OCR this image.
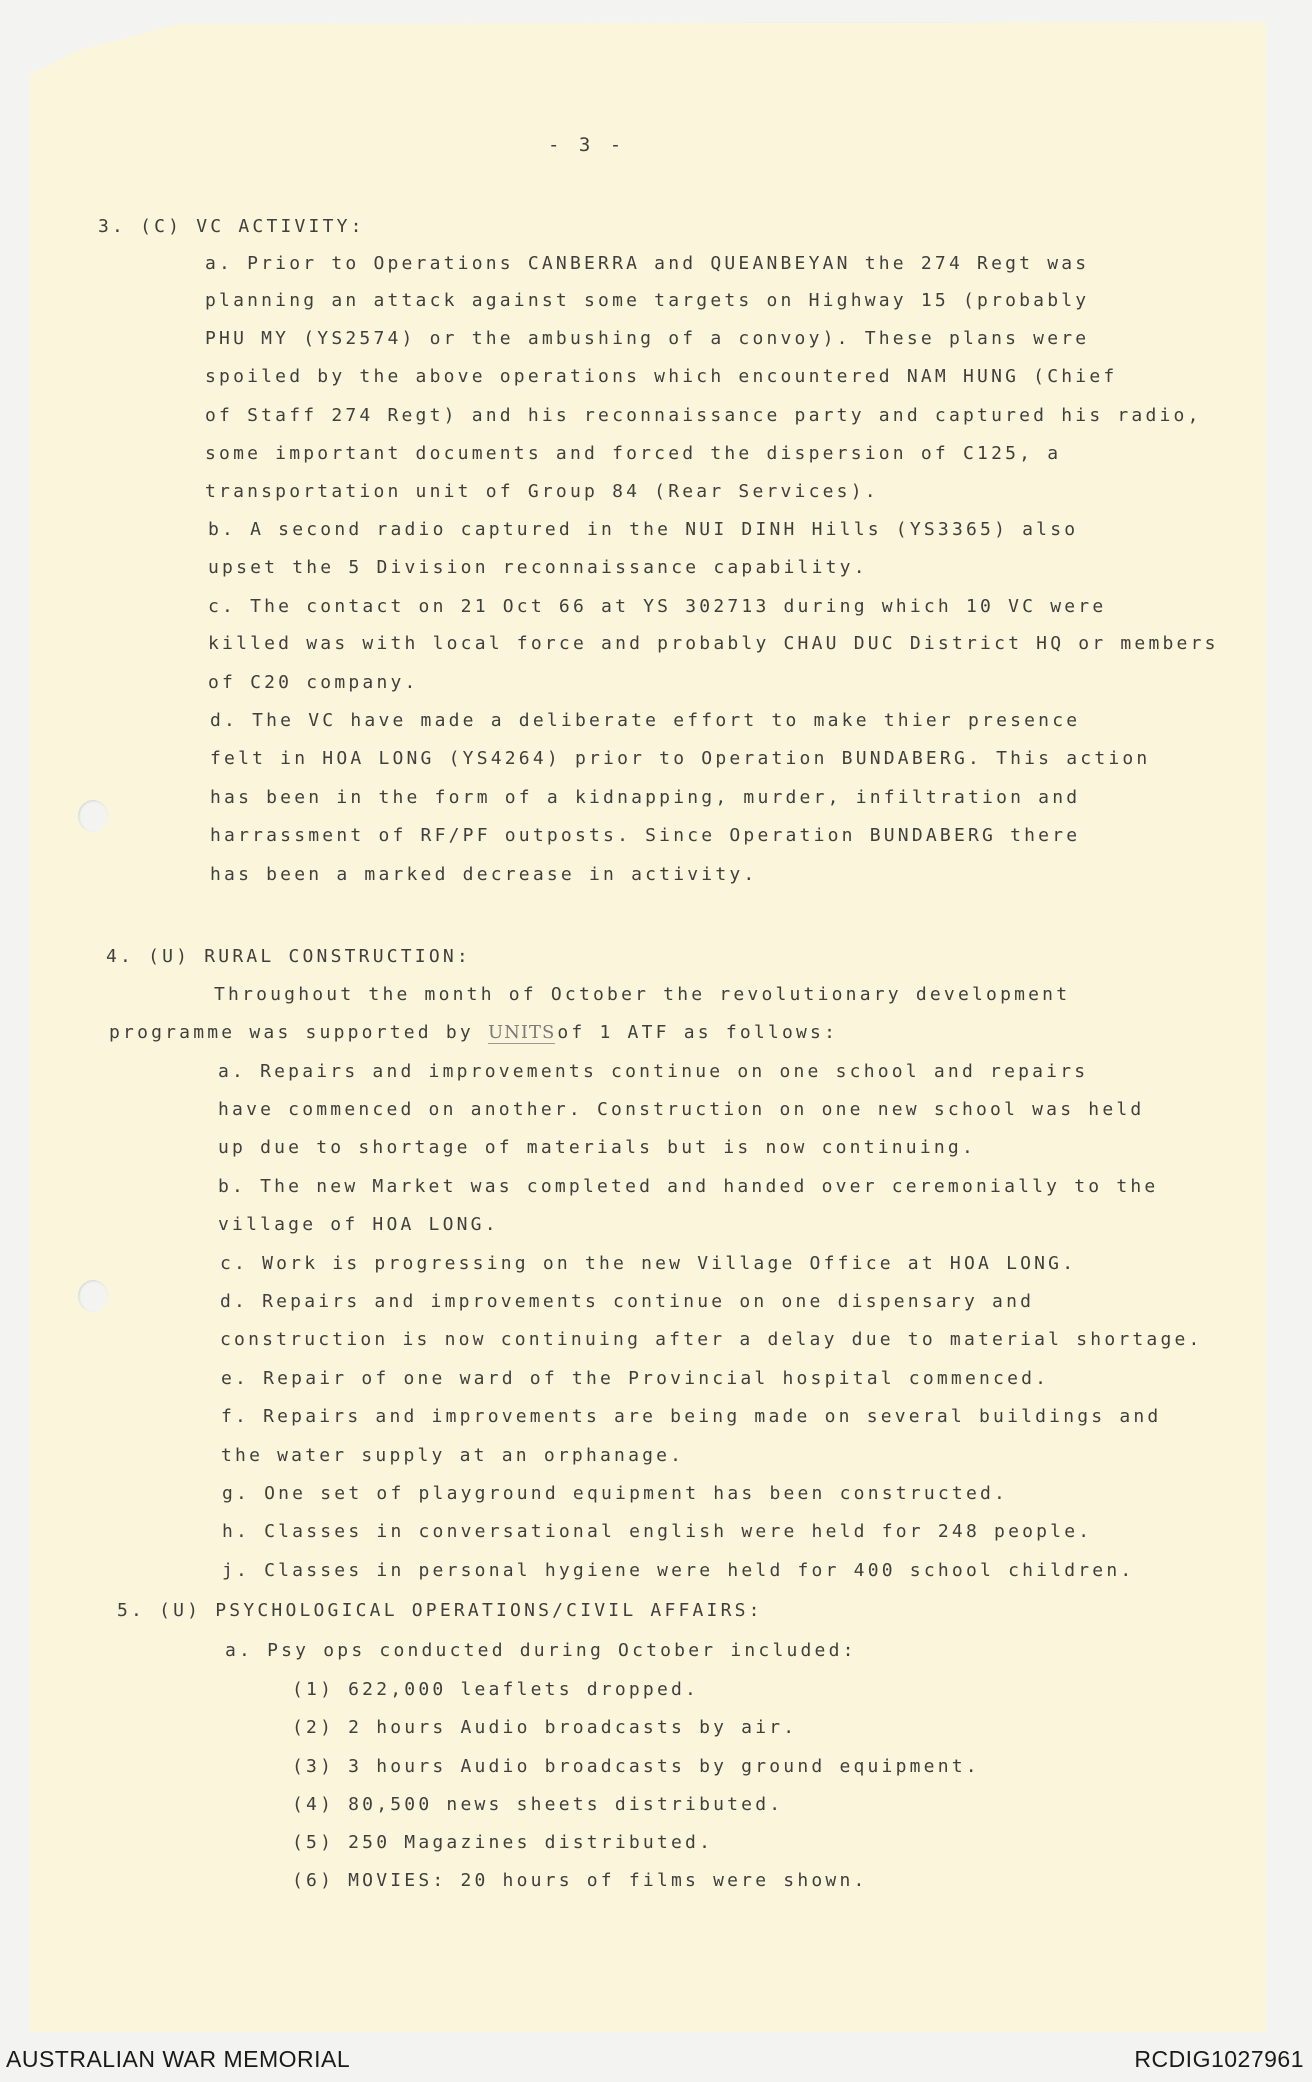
- 3 -
3. (C) VC ACTIVITY:
a. Prior to Operations CANBERRA and QUEANBEYAN the 274 Regt was
planning an attack against some targets on Highway 15 (probably
PHU MY (YS2574) or the ambushing of a convoy). These plans were
spoiled by the above operations which encountered NAM HUNG (Chief
of Staff 274 Regt) and his reconnaissance party and captured his radio,
some important documents and forced the dispersion of C125, a
transportation unit of Group 84 (Rear Services).
b. A second radio captured in the NUI DINH Hills (YS3365) also
upset the 5 Division reconnaissance capability.
c. The contact on 21 Oct 66 at YS 302713 during which 10 VC were
killed was with local force and probably CHAU DUC District HQ or members
of C20 company.
d. The VC have made a deliberate effort to make thier presence
felt in HOA LONG (YS4264) prior to Operation BUNDABERG. This action
has been in the form of a kidnapping, murder, infiltration and
harrassment of RF/PF outposts. Since Operation BUNDABERG there
has been a marked decrease in activity.
4. (U) RURAL CONSTRUCTION:
Throughout the month of October the revolutionary development
programme was supported by UNITS of 1 ATF as follows:
a. Repairs and improvements continue on one school and repairs
have commenced on another. Construction on one new school was held
up due to shortage of materials but is now continuing.
b. The new Market was completed and handed over ceremonially to the
village of HOA LONG.
c. Work is progressing on the new Village Office at HOA LONG.
d. Repairs and improvements continue on one dispensary and
construction is now continuing after a delay due to material shortage.
e. Repair of one ward of the Provincial hospital commenced.
f. Repairs and improvements are being made on several buildings and
the water supply at an orphanage.
g. One set of playground equipment has been constructed.
h. Classes in conversational english were held for 248 people.
j. Classes in personal hygiene were held for 400 school children.
5. (U) PSYCHOLOGICAL OPERATIONS/CIVIL AFFAIRS:
a. Psy ops conducted during October included:
(1) 622,000 leaflets dropped.
(2) 2 hours Audio broadcasts by air.
(3) 3 hours Audio broadcasts by ground equipment.
(4) 80,500 news sheets distributed.
(5) 250 Magazines distributed.
(6) MOVIES: 20 hours of films were shown.
AUSTRALIAN WAR MEMORIAL	RCDIG1027961
